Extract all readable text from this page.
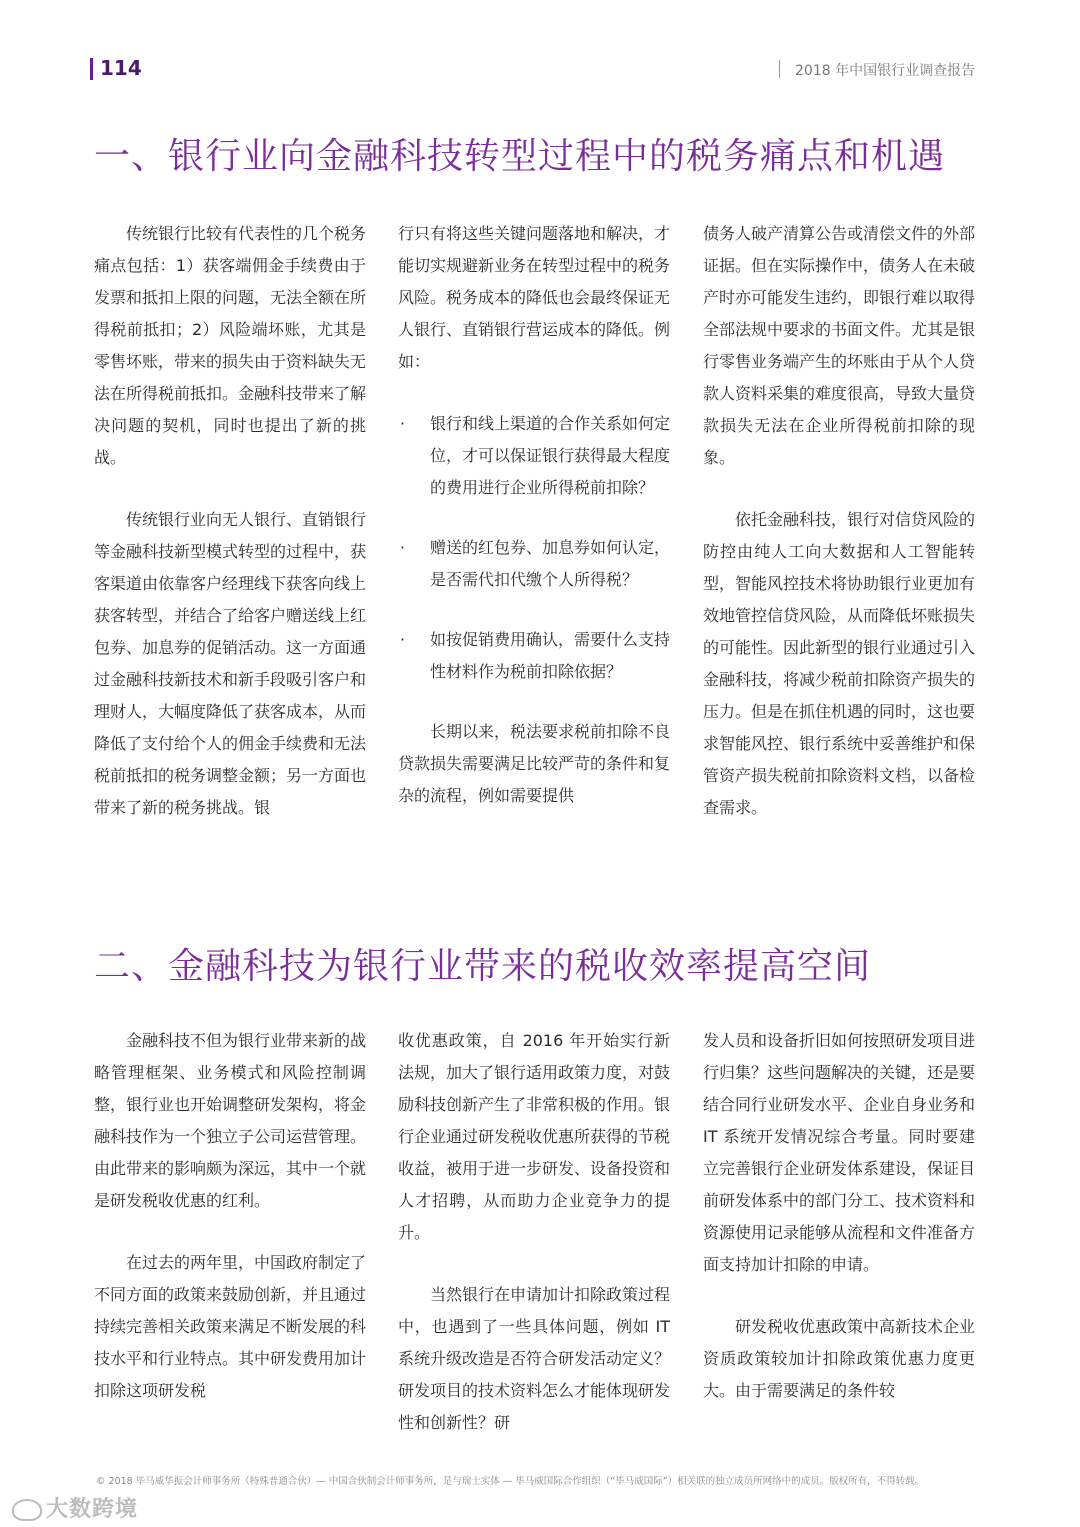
114	2018 年中国银行业调查报告
一、银行业向金融科技转型过程中的税务痛点和机遇

传统银行比较有代表性的几个税务痛点包括：1）获客端佣金手续费由于发票和抵扣上限的问题，无法全额在所得税前抵扣；2）风险端坏账，尤其是零售坏账，带来的损失由于资料缺失无法在所得税前抵扣。金融科技带来了解决问题的契机，同时也提出了新的挑战。

传统银行业向无人银行、直销银行等金融科技新型模式转型的过程中，获客渠道由依靠客户经理线下获客向线上获客转型，并结合了给客户赠送线上红包券、加息券的促销活动。这一方面通过金融科技新技术和新手段吸引客户和理财人，大幅度降低了获客成本，从而降低了支付给个人的佣金手续费和无法税前抵扣的税务调整金额；另一方面也带来了新的税务挑战。银

行只有将这些关键问题落地和解决，才能切实规避新业务在转型过程中的税务风险。税务成本的降低也会最终保证无人银行、直销银行营运成本的降低。例如：

· 银行和线上渠道的合作关系如何定位，才可以保证银行获得最大程度的费用进行企业所得税前扣除？
· 赠送的红包券、加息券如何认定，是否需代扣代缴个人所得税？
· 如按促销费用确认，需要什么支持性材料作为税前扣除依据？

长期以来，税法要求税前扣除不良贷款损失需要满足比较严苛的条件和复杂的流程，例如需要提供

债务人破产清算公告或清偿文件的外部证据。但在实际操作中，债务人在未破产时亦可能发生违约，即银行难以取得全部法规中要求的书面文件。尤其是银行零售业务端产生的坏账由于从个人贷款人资料采集的难度很高，导致大量贷款损失无法在企业所得税前扣除的现象。

依托金融科技，银行对信贷风险的防控由纯人工向大数据和人工智能转型，智能风控技术将协助银行业更加有效地管控信贷风险，从而降低坏账损失的可能性。因此新型的银行业通过引入金融科技，将减少税前扣除资产损失的压力。但是在抓住机遇的同时，这也要求智能风控、银行系统中妥善维护和保管资产损失税前扣除资料文档，以备检查需求。

二、金融科技为银行业带来的税收效率提高空间

金融科技不但为银行业带来新的战略管理框架、业务模式和风险控制调整，银行业也开始调整研发架构，将金融科技作为一个独立子公司运营管理。由此带来的影响颇为深远，其中一个就是研发税收优惠的红利。

在过去的两年里，中国政府制定了不同方面的政策来鼓励创新，并且通过持续完善相关政策来满足不断发展的科技水平和行业特点。其中研发费用加计扣除这项研发税

收优惠政策，自 2016 年开始实行新法规，加大了银行适用政策力度，对鼓励科技创新产生了非常积极的作用。银行企业通过研发税收优惠所获得的节税收益，被用于进一步研发、设备投资和人才招聘，从而助力企业竞争力的提升。

当然银行在申请加计扣除政策过程中，也遇到了一些具体问题，例如 IT 系统升级改造是否符合研发活动定义？研发项目的技术资料怎么才能体现研发性和创新性？研

发人员和设备折旧如何按照研发项目进行归集？这些问题解决的关键，还是要结合同行业研发水平、企业自身业务和 IT 系统开发情况综合考量。同时要建立完善银行企业研发体系建设，保证目前研发体系中的部门分工、技术资料和资源使用记录能够从流程和文件准备方面支持加计扣除的申请。

研发税收优惠政策中高新技术企业资质政策较加计扣除政策优惠力度更大。由于需要满足的条件较

© 2018 毕马威华振会计师事务所（特殊普通合伙）— 中国合伙制会计师事务所，是与瑞士实体 — 毕马威国际合作组织（“毕马威国际”）相关联的独立成员所网络中的成员。版权所有，不得转载。
大数跨境
